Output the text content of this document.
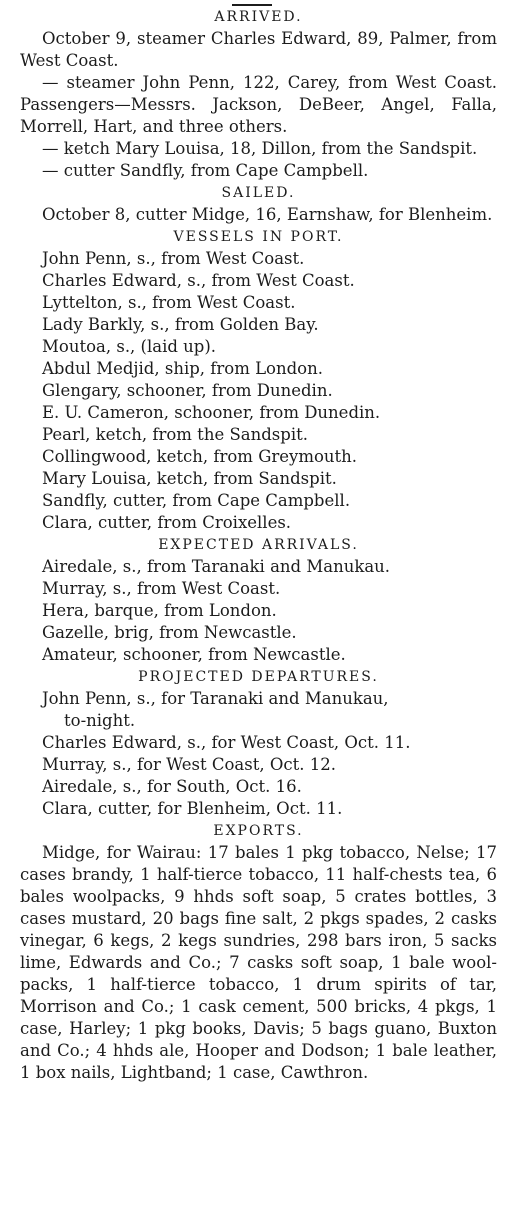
ARRIVED.

October 9, steamer Charles Edward, 89, Palmer, from West Coast.

— steamer John Penn, 122, Carey, from West Coast. Passengers—Messrs. Jackson, DeBeer, Angel, Falla, Morrell, Hart, and three others.

— ketch Mary Louisa, 18, Dillon, from the Sandspit.

— cutter Sandfly, from Cape Campbell.

SAILED.

October 8, cutter Midge, 16, Earnshaw, for Blenheim.

VESSELS IN PORT.
John Penn, s., from West Coast.
Charles Edward, s., from West Coast.
Lyttelton, s., from West Coast.
Lady Barkly, s., from Golden Bay.
Moutoa, s., (laid up).
Abdul Medjid, ship, from London.
Glengary, schooner, from Dunedin.
E. U. Cameron, schooner, from Dunedin.
Pearl, ketch, from the Sandspit.
Collingwood, ketch, from Greymouth.
Mary Louisa, ketch, from Sandspit.
Sandfly, cutter, from Cape Campbell.
Clara, cutter, from Croixelles.
EXPECTED ARRIVALS.
Airedale, s., from Taranaki and Manukau.
Murray, s., from West Coast.
Hera, barque, from London.
Gazelle, brig, from Newcastle.
Amateur, schooner, from Newcastle.
PROJECTED DEPARTURES.
John Penn, s., for Taranaki and Manukau,
to-night.
Charles Edward, s., for West Coast, Oct. 11.
Murray, s., for West Coast, Oct. 12.
Airedale, s., for South, Oct. 16.
Clara, cutter, for Blenheim, Oct. 11.
EXPORTS.

Midge, for Wairau: 17 bales 1 pkg tobacco, Nelse; 17 cases brandy, 1 half-tierce tobacco, 11 half-chests tea, 6 bales woolpacks, 9 hhds soft soap, 5 crates bottles, 3 cases mustard, 20 bags fine salt, 2 pkgs spades, 2 casks vinegar, 6 kegs, 2 kegs sundries, 298 bars iron, 5 sacks lime, Edwards and Co.; 7 casks soft soap, 1 bale wool-packs, 1 half-tierce tobacco, 1 drum spirits of tar, Morrison and Co.; 1 cask cement, 500 bricks, 4 pkgs, 1 case, Harley; 1 pkg books, Davis; 5 bags guano, Buxton and Co.; 4 hhds ale, Hooper and Dodson; 1 bale leather, 1 box nails, Lightband; 1 case, Cawthron.
